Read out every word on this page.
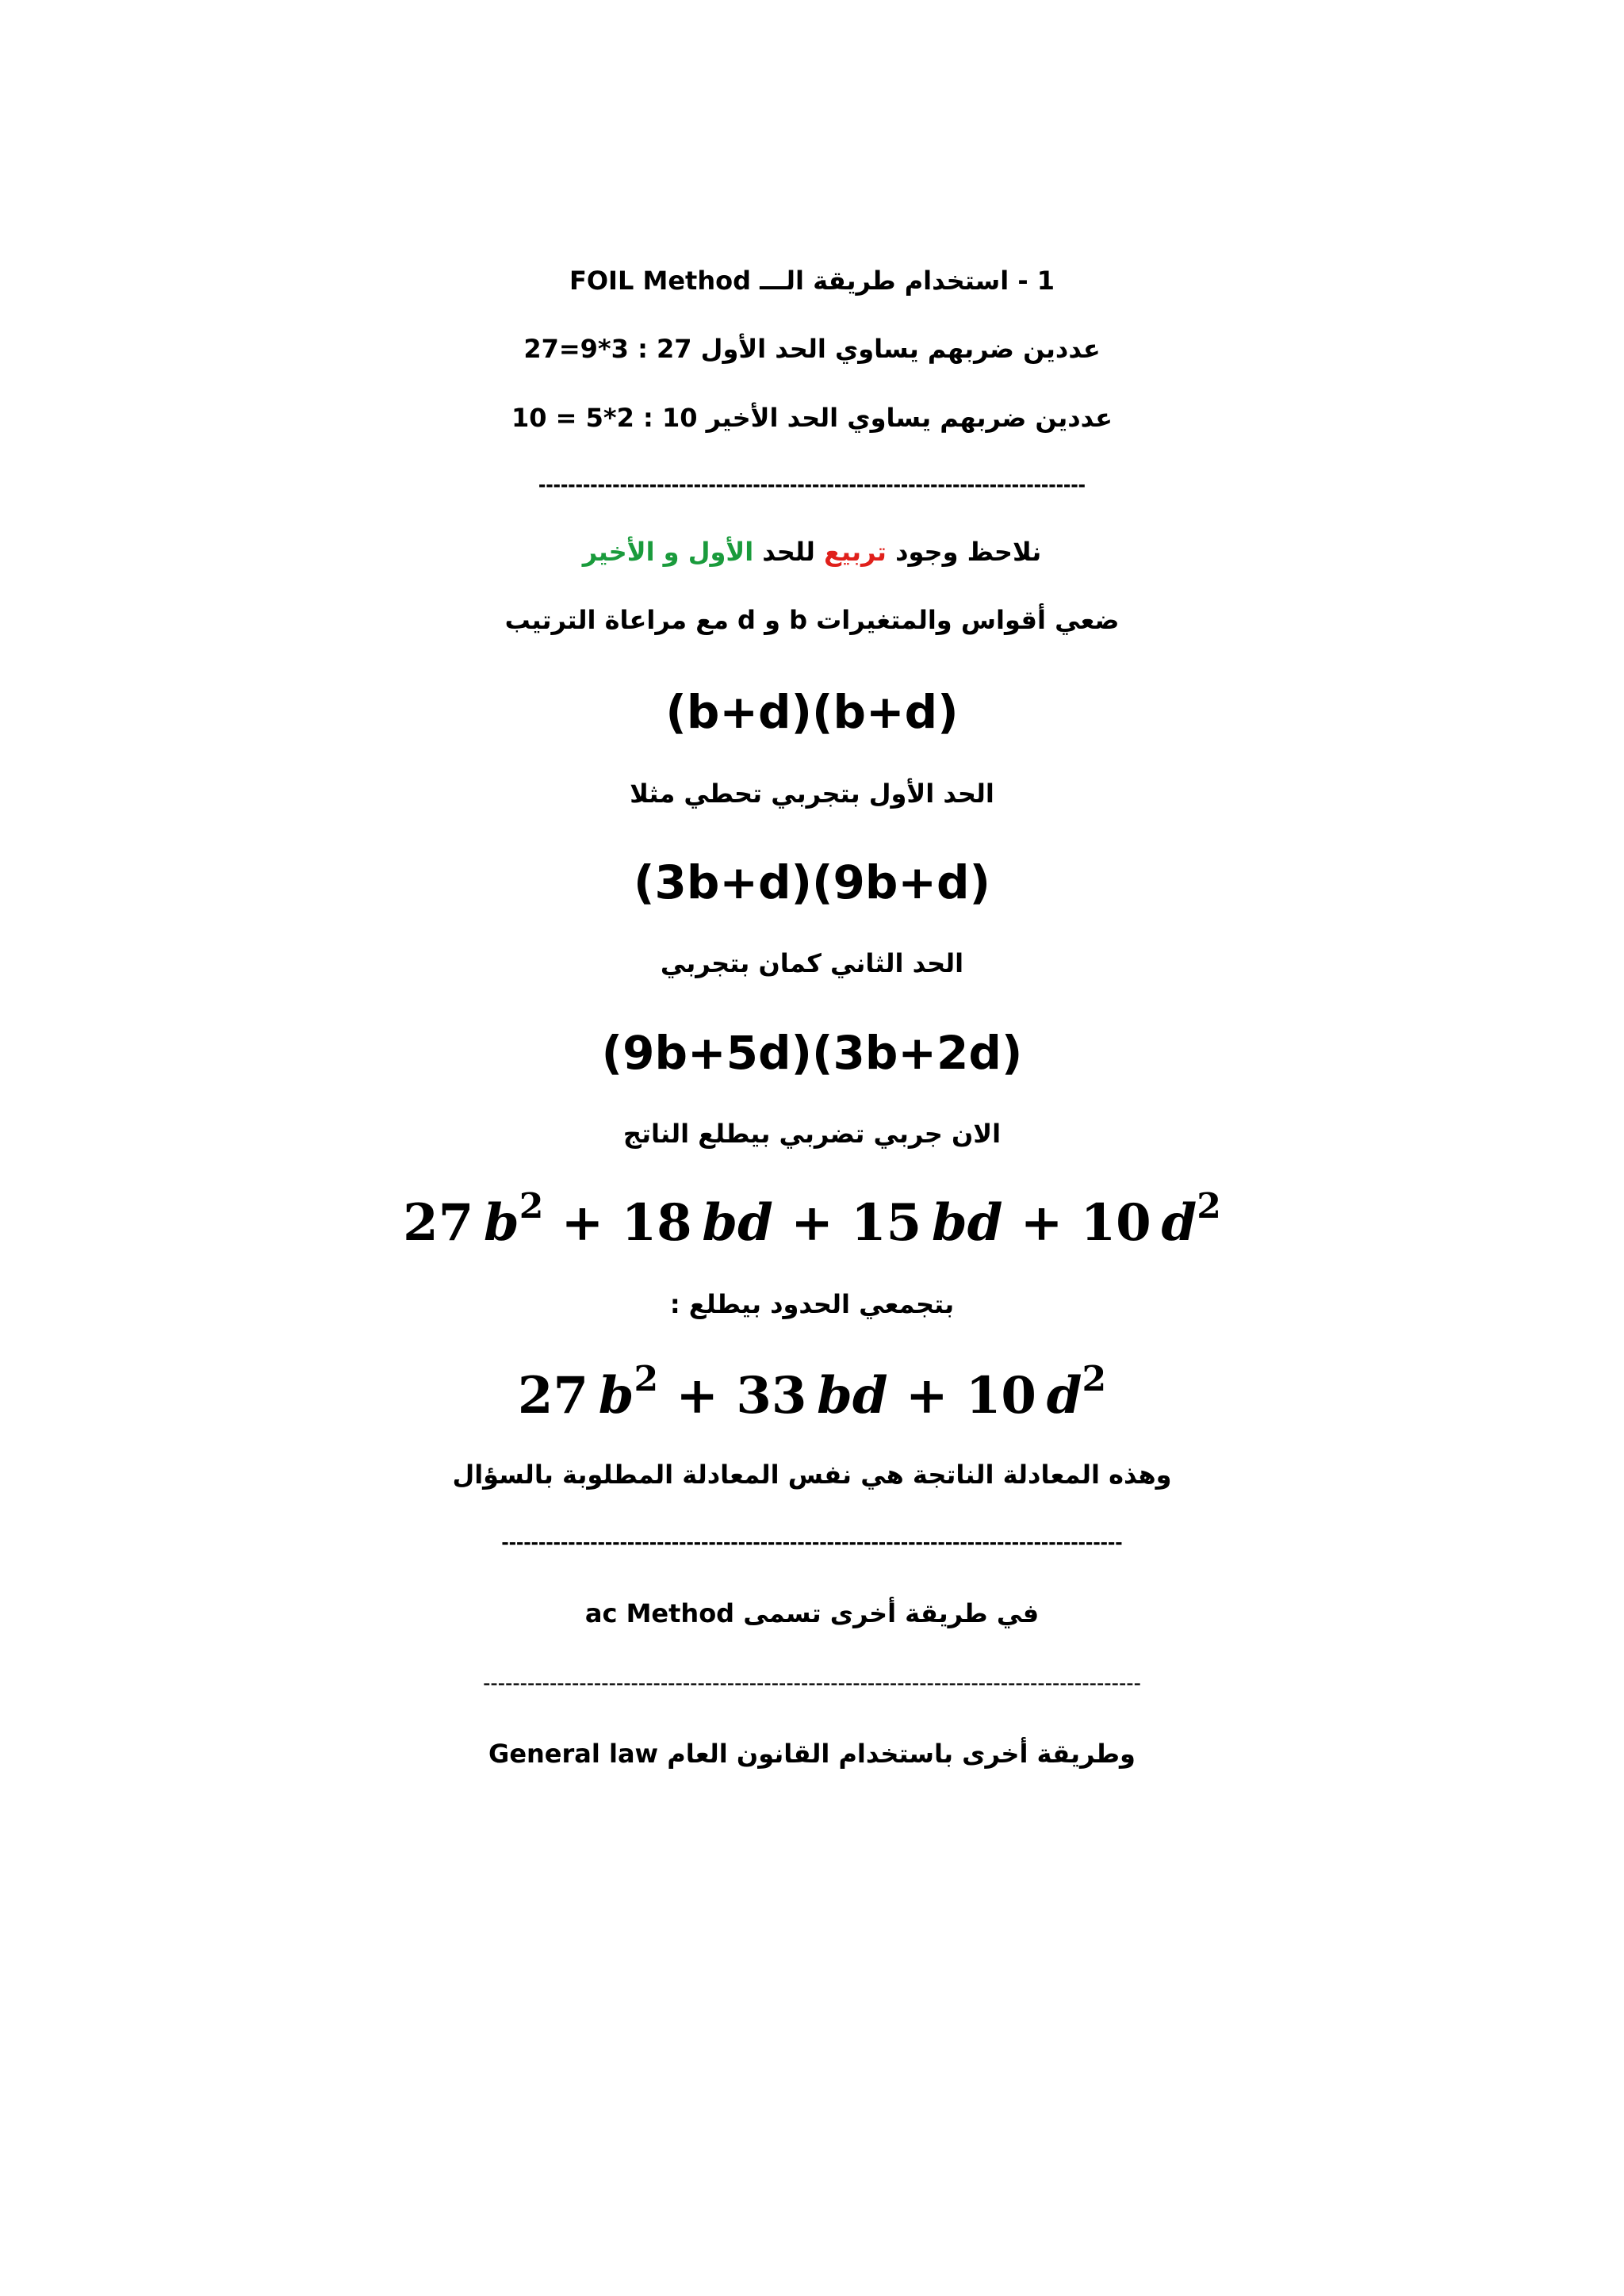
1 - استخدام طريقة الـــ FOIL Method
عددين ضربهم يساوي الحد الأول 27 : 3*9=27
عددين ضربهم يساوي الحد الأخير 10 : 2*5 = 10
--------------------------------------------------------------------------
نلاحظ وجود تربيع للحد الأول و الأخير
ضعي أقواس والمتغيرات b و d مع مراعاة الترتيب
(b+d)(b+d)
الحد الأول بتجربي تحطي مثلا
(3b+d)(9b+d)
الحد الثاني كمان بتجربي
(9b+5d)(3b+2d)
الان جربي تضربي بيطلع الناتج
27  $b^2 + 18$  bd + 15  bd + 10  $d^2$
بتجمعي الحدود بيطلع :
27  $b^2 + 33$  bd + 10  $d^2$
وهذه المعادلة الناتجة هي نفس المعادلة المطلوبة بالسؤال
------------------------------------------------------------------------------------
في طريقة أخرى تسمى ac Method
-----------------------------------------------------------------------------------------
وطريقة أخرى باستخدام القانون العام General law
